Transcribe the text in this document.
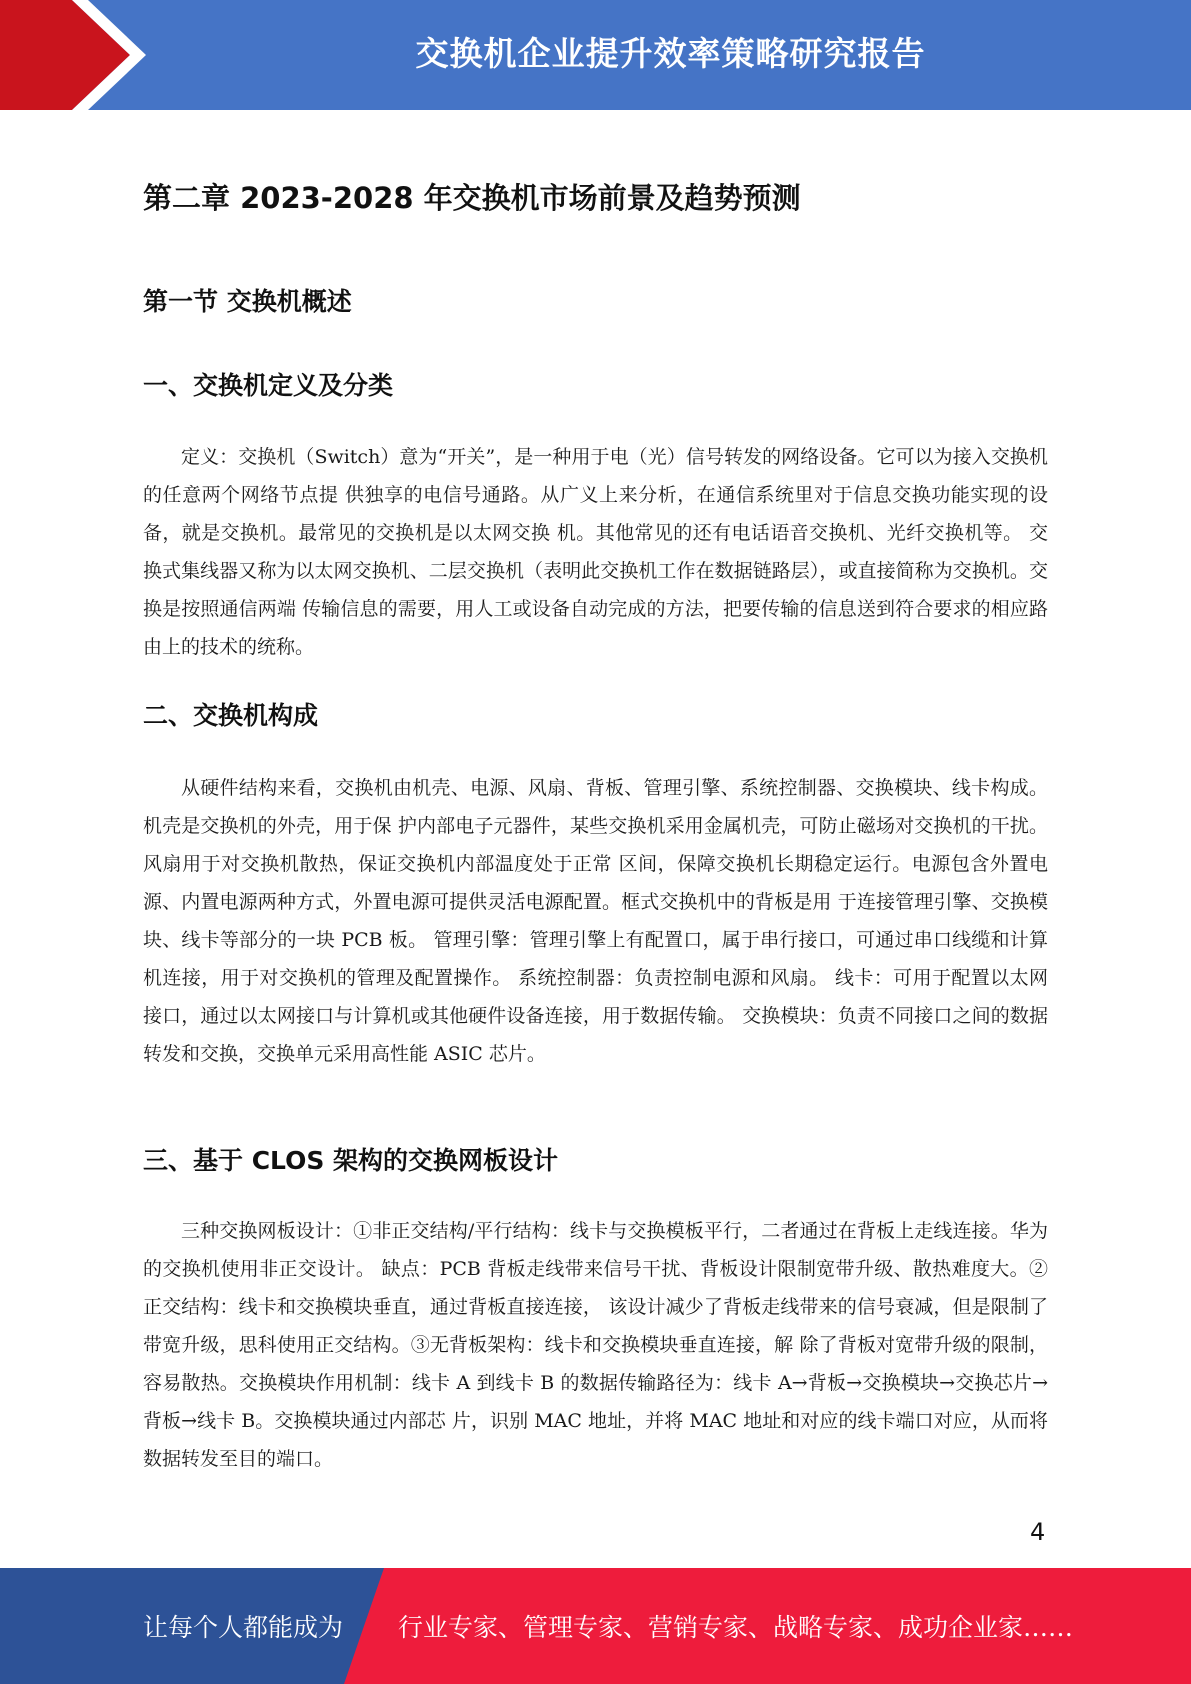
交换机企业提升效率策略研究报告
第二章 2023-2028 年交换机市场前景及趋势预测
第一节 交换机概述
一、交换机定义及分类

定义：交换机（Switch）意为“开关”，是一种用于电（光）信号转发的网络设备。它可以为接入交换机的任意两个网络节点提 供独享的电信号通路。从广义上来分析，在通信系统里对于信息交换功能实现的设备，就是交换机。最常见的交换机是以太网交换 机。其他常见的还有电话语音交换机、光纤交换机等。 交换式集线器又称为以太网交换机、二层交换机（表明此交换机工作在数据链路层），或直接简称为交换机。交换是按照通信两端 传输信息的需要，用人工或设备自动完成的方法，把要传输的信息送到符合要求的相应路由上的技术的统称。

二、交换机构成

从硬件结构来看，交换机由机壳、电源、风扇、背板、管理引擎、系统控制器、交换模块、线卡构成。机壳是交换机的外壳，用于保 护内部电子元器件，某些交换机采用金属机壳，可防止磁场对交换机的干扰。风扇用于对交换机散热，保证交换机内部温度处于正常 区间，保障交换机长期稳定运行。电源包含外置电源、内置电源两种方式，外置电源可提供灵活电源配置。框式交换机中的背板是用 于连接管理引擎、交换模块、线卡等部分的一块 PCB 板。 管理引擎：管理引擎上有配置口，属于串行接口，可通过串口线缆和计算机连接，用于对交换机的管理及配置操作。 系统控制器：负责控制电源和风扇。 线卡：可用于配置以太网接口，通过以太网接口与计算机或其他硬件设备连接，用于数据传输。 交换模块：负责不同接口之间的数据转发和交换，交换单元采用高性能 ASIC 芯片。

三、基于 CLOS 架构的交换网板设计

三种交换网板设计：①非正交结构/平行结构：线卡与交换模板平行，二者通过在背板上走线连接。华为的交换机使用非正交设计。 缺点：PCB 背板走线带来信号干扰、背板设计限制宽带升级、散热难度大。②正交结构：线卡和交换模块垂直，通过背板直接连接， 该设计减少了背板走线带来的信号衰减，但是限制了带宽升级，思科使用正交结构。③无背板架构：线卡和交换模块垂直连接，解 除了背板对宽带升级的限制，容易散热。交换模块作用机制：线卡 A 到线卡 B 的数据传输路径为：线卡 A→背板→交换模块→交换芯片→背板→线卡 B。交换模块通过内部芯 片，识别 MAC 地址，并将 MAC 地址和对应的线卡端口对应，从而将数据转发至目的端口。

4
让每个人都能成为 行业专家、管理专家、营销专家、战略专家、成功企业家……
